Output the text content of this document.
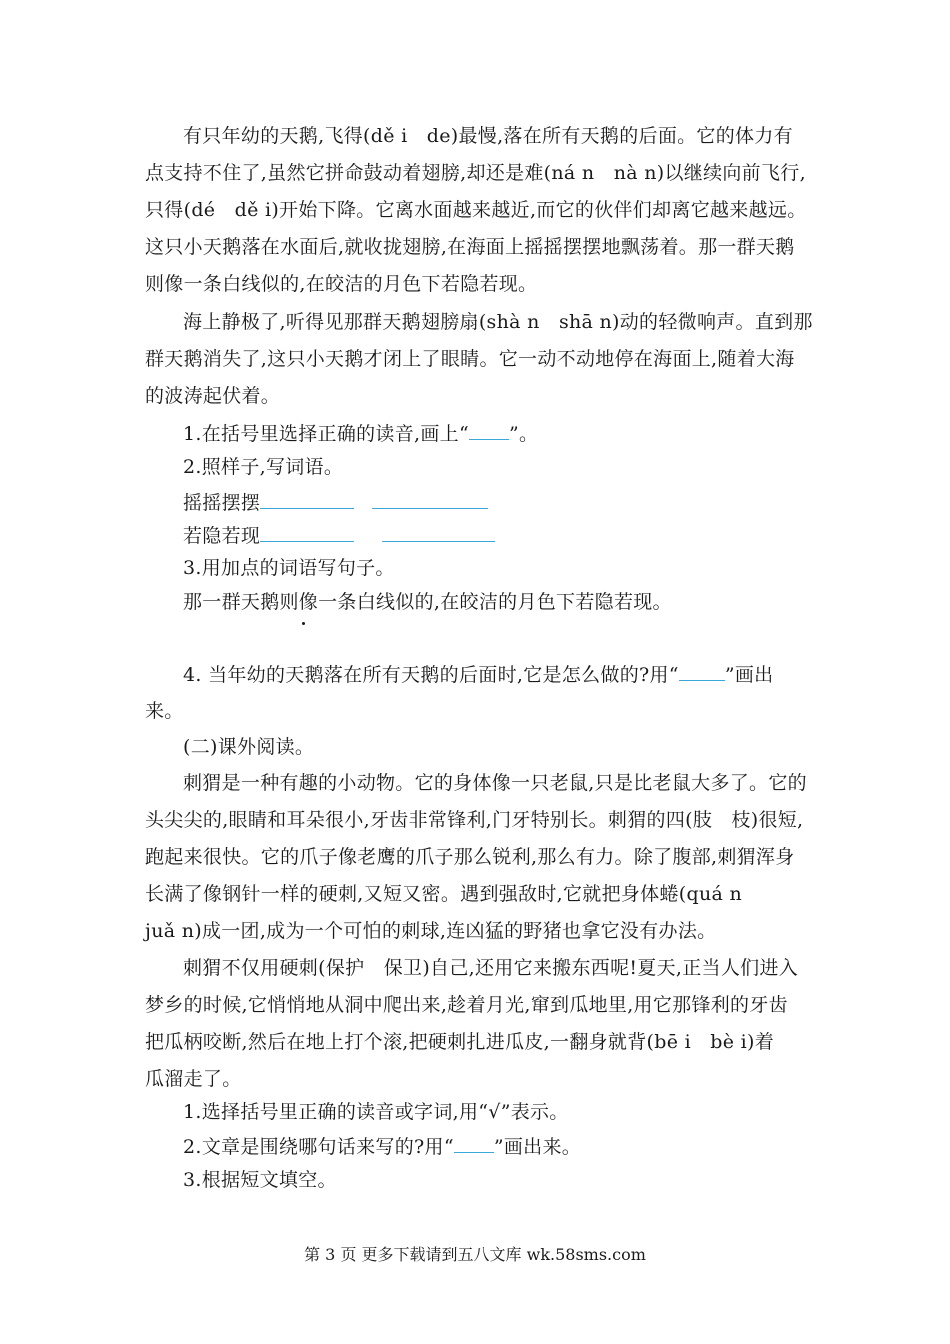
有只年幼的天鹅,飞得(dě i　de)最慢,落在所有天鹅的后面。它的体力有
点支持不住了,虽然它拼命鼓动着翅膀,却还是难(ná n　nà n)以继续向前飞行,
只得(dé　dě i)开始下降。它离水面越来越近,而它的伙伴们却离它越来越远。
这只小天鹅落在水面后,就收拢翅膀,在海面上摇摇摆摆地飘荡着。那一群天鹅
则像一条白线似的,在皎洁的月色下若隐若现。
海上静极了,听得见那群天鹅翅膀扇(shà n　shā n)动的轻微响声。直到那
群天鹅消失了,这只小天鹅才闭上了眼睛。它一动不动地停在海面上,随着大海
的波涛起伏着。
1.在括号里选择正确的读音,画上“ ”。
2.照样子,写词语。
摇摇摆摆
若隐若现
3.用加点的词语写句子。
那一群天鹅则像一条白线似的,在皎洁的月色下若隐若现。
4. 当年幼的天鹅落在所有天鹅的后面时,它是怎么做的?用“ ”画出
来。
(二)课外阅读。
刺猬是一种有趣的小动物。它的身体像一只老鼠,只是比老鼠大多了。它的
头尖尖的,眼睛和耳朵很小,牙齿非常锋利,门牙特别长。刺猬的四(肢　枝)很短,
跑起来很快。它的爪子像老鹰的爪子那么锐利,那么有力。除了腹部,刺猬浑身
长满了像钢针一样的硬刺,又短又密。遇到强敌时,它就把身体蜷(quá n
juǎ n)成一团,成为一个可怕的刺球,连凶猛的野猪也拿它没有办法。
刺猬不仅用硬刺(保护　保卫)自己,还用它来搬东西呢!夏天,正当人们进入
梦乡的时候,它悄悄地从洞中爬出来,趁着月光,窜到瓜地里,用它那锋利的牙齿
把瓜柄咬断,然后在地上打个滚,把硬刺扎进瓜皮,一翻身就背(bē i　bè i)着
瓜溜走了。
1.选择括号里正确的读音或字词,用“√”表示。
2.文章是围绕哪句话来写的?用“ ”画出来。
3.根据短文填空。
第 3 页 更多下载请到五八文库 wk.58sms.com
